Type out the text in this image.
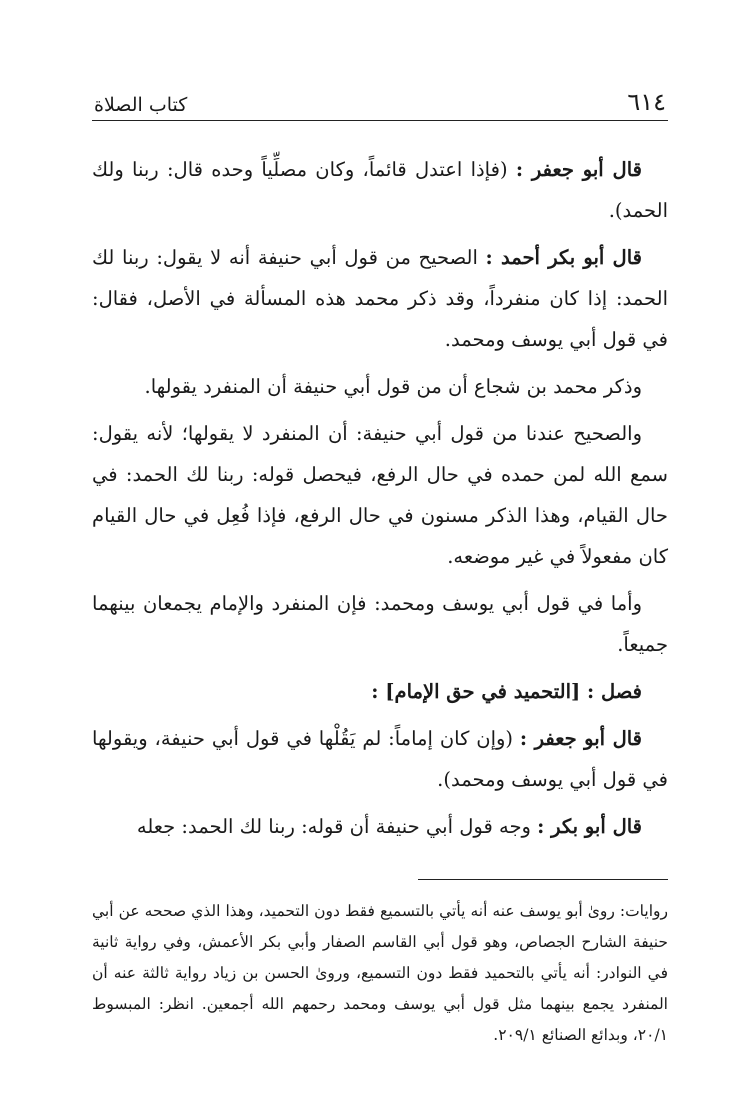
٦١٤
كتاب الصلاة

قال أبو جعفر : (فإذا اعتدل قائماً، وكان مصلِّياً وحده قال: ربنا ولك الحمد).

قال أبو بكر أحمد : الصحيح من قول أبي حنيفة أنه لا يقول: ربنا لك الحمد: إذا كان منفرداً، وقد ذكر محمد هذه المسألة في الأصل، فقال: في قول أبي يوسف ومحمد.

وذكر محمد بن شجاع أن من قول أبي حنيفة أن المنفرد يقولها.

والصحيح عندنا من قول أبي حنيفة: أن المنفرد لا يقولها؛ لأنه يقول: سمع الله لمن حمده في حال الرفع، فيحصل قوله: ربنا لك الحمد: في حال القيام، وهذا الذكر مسنون في حال الرفع، فإذا فُعِل في حال القيام كان مفعولاً في غير موضعه.

وأما في قول أبي يوسف ومحمد: فإن المنفرد والإمام يجمعان بينهما جميعاً.

فصل : [التحميد في حق الإمام] :

قال أبو جعفر : (وإن كان إماماً: لم يَقُلْها في قول أبي حنيفة، ويقولها في قول أبي يوسف ومحمد).

قال أبو بكر : وجه قول أبي حنيفة أن قوله: ربنا لك الحمد: جعله

روايات: روىٰ أبو يوسف عنه أنه يأتي بالتسميع فقط دون التحميد، وهذا الذي صححه عن أبي حنيفة الشارح الجصاص، وهو قول أبي القاسم الصفار وأبي بكر الأعمش، وفي رواية ثانية في النوادر: أنه يأتي بالتحميد فقط دون التسميع، وروىٰ الحسن بن زياد رواية ثالثة عنه أن المنفرد يجمع بينهما مثل قول أبي يوسف ومحمد رحمهم الله أجمعين. انظر: المبسوط ٢٠/١، وبدائع الصنائع ٢٠٩/١.
